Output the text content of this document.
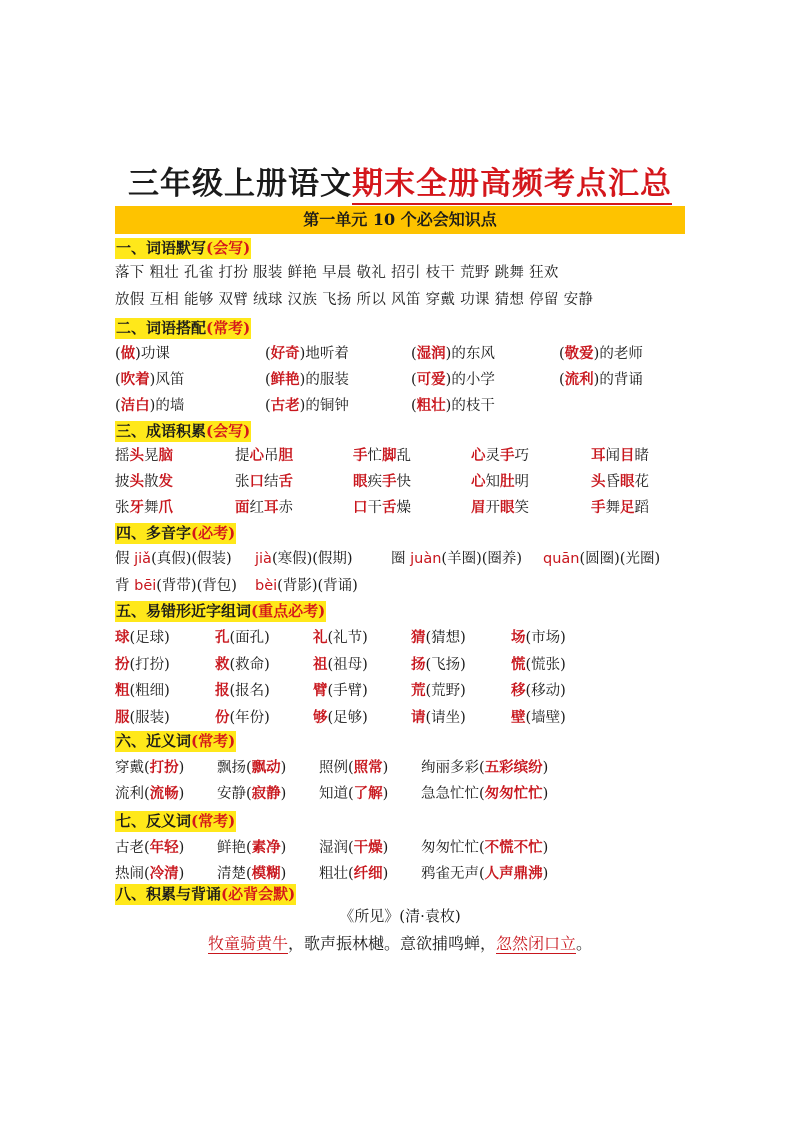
三年级上册语文期末全册高频考点汇总
第一单元 10 个必会知识点
一、词语默写(会写)
落下 粗壮 孔雀 打扮 服装 鲜艳 早晨 敬礼 招引 枝干 荒野 跳舞 狂欢
放假 互相 能够 双臂 绒球 汉族 飞扬 所以 风笛 穿戴 功课 猜想 停留 安静
二、词语搭配(常考)
三、成语积累(会写)
四、多音字(必考)
假 jiǎ(真假)(假装) jià(寒假)(假期)	圈 juàn(羊圈)(圈养) quān(圆圈)(光圈)
背 bēi(背带)(背包) bèi(背影)(背诵)
五、易错形近字组词(重点必考)
六、近义词(常考)
七、反义词(常考)
八、积累与背诵(必背会默)
《所见》(清·袁枚)
牧童骑黄牛，歌声振林樾。意欲捕鸣蝉，忽然闭口立。
(做)功课	(好奇)地听着	(湿润)的东风	(敬爱)的老师
(吹着)风笛	(鲜艳)的服装	(可爱)的小学	(流利)的背诵
(洁白)的墙	(古老)的铜钟	(粗壮)的枝干
摇头晃脑	提心吊胆	手忙脚乱	心灵手巧	耳闻目睹
披头散发	张口结舌	眼疾手快	心知肚明	头昏眼花
张牙舞爪	面红耳赤	口干舌燥	眉开眼笑	手舞足蹈
球(足球)	孔(面孔)	礼(礼节)	猜(猜想)	场(市场)
扮(打扮)	救(救命)	祖(祖母)	扬(飞扬)	慌(慌张)
粗(粗细)	报(报名)	臂(手臂)	荒(荒野)	移(移动)
服(服装)	份(年份)	够(足够)	请(请坐)	壁(墙壁)
穿戴(打扮) 飘扬(飘动) 照例(照常) 绚丽多彩(五彩缤纷)
流利(流畅) 安静(寂静) 知道(了解) 急急忙忙(匆匆忙忙)
古老(年轻) 鲜艳(素净) 湿润(干燥) 匆匆忙忙(不慌不忙)
热闹(冷清) 清楚(模糊) 粗壮(纤细) 鸦雀无声(人声鼎沸)
